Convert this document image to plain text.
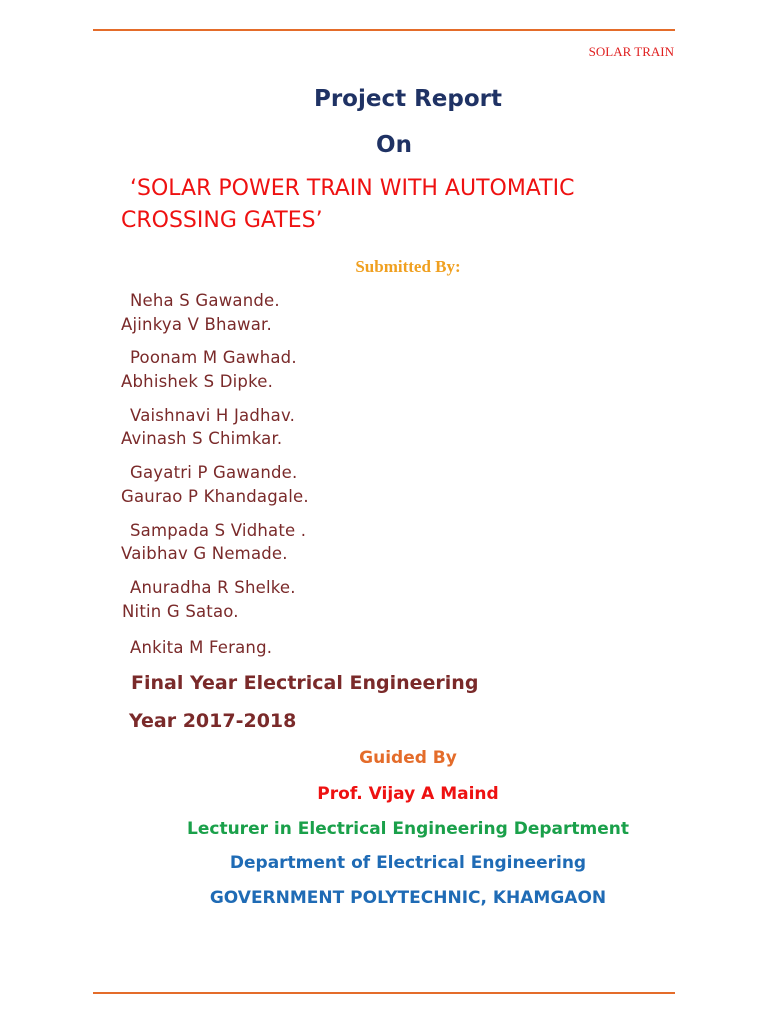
SOLAR TRAIN
Project Report
On
‘SOLAR POWER TRAIN WITH AUTOMATIC
CROSSING GATES’
Submitted By:
Neha S Gawande.
Ajinkya V Bhawar.
Poonam M Gawhad.
Abhishek S Dipke.
Vaishnavi H Jadhav.
Avinash S Chimkar.
Gayatri P Gawande.
Gaurao P Khandagale.
Sampada S Vidhate .
Vaibhav G Nemade.
Anuradha R Shelke.
Nitin G Satao.
Ankita M Ferang.
Final Year Electrical Engineering
Year 2017-2018
Guided By
Prof. Vijay A Maind
Lecturer in Electrical Engineering Department
Department of Electrical Engineering
GOVERNMENT POLYTECHNIC, KHAMGAON
